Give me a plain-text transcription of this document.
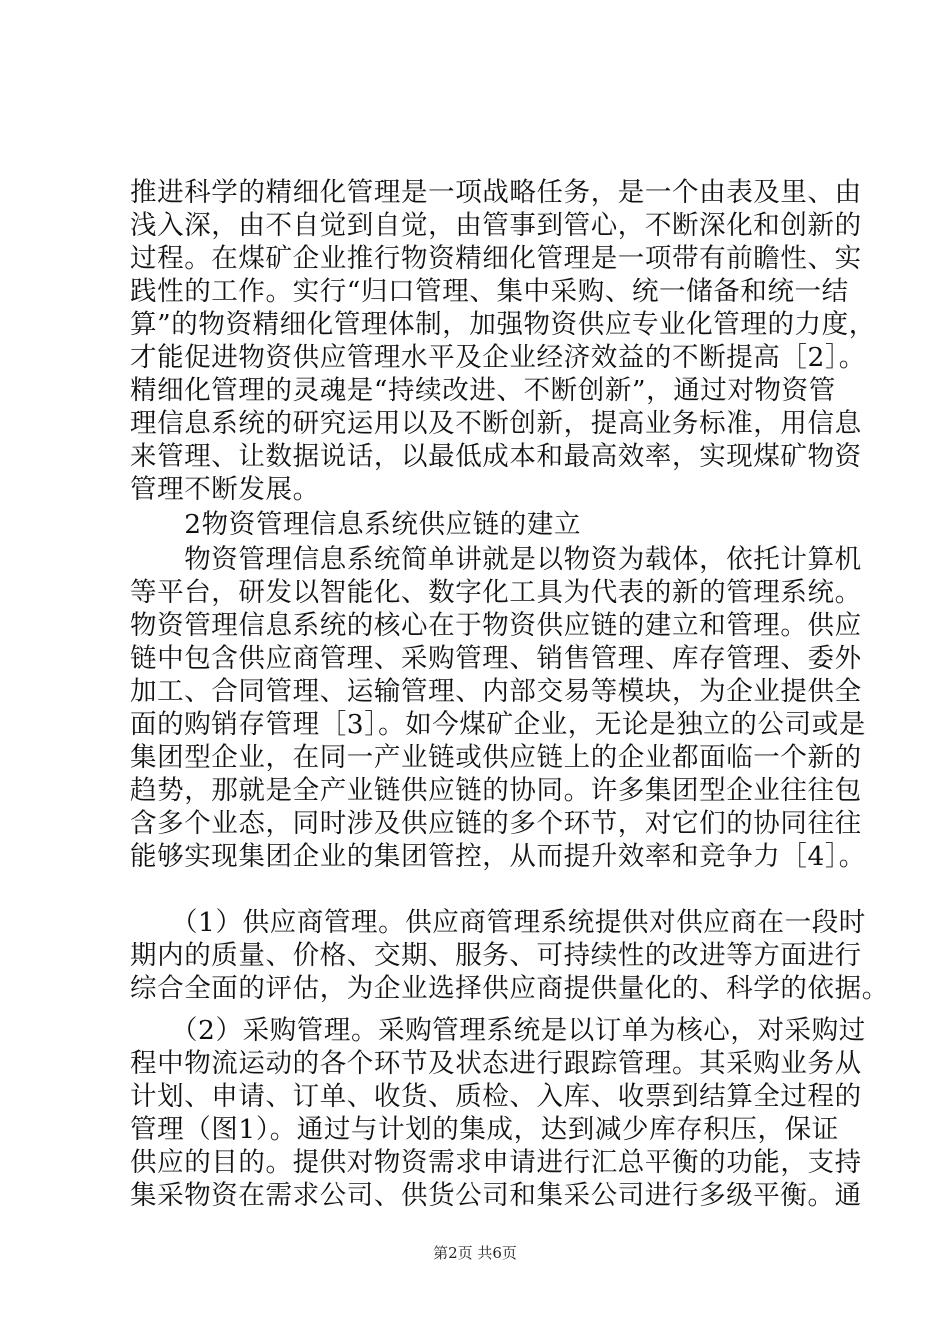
推进科学的精细化管理是一项战略任务，是一个由表及里、由
浅入深，由不自觉到自觉，由管事到管心，不断深化和创新的
过程。在煤矿企业推行物资精细化管理是一项带有前瞻性、实
践性的工作。实行“归口管理、集中采购、统一储备和统一结
算”的物资精细化管理体制，加强物资供应专业化管理的力度，
才能促进物资供应管理水平及企业经济效益的不断提高［2］。
精细化管理的灵魂是“持续改进、不断创新”，通过对物资管
理信息系统的研究运用以及不断创新，提高业务标准，用信息
来管理、让数据说话，以最低成本和最高效率，实现煤矿物资
管理不断发展。
　　2物资管理信息系统供应链的建立
　　物资管理信息系统简单讲就是以物资为载体，依托计算机
等平台，研发以智能化、数字化工具为代表的新的管理系统。
物资管理信息系统的核心在于物资供应链的建立和管理。供应
链中包含供应商管理、采购管理、销售管理、库存管理、委外
加工、合同管理、运输管理、内部交易等模块，为企业提供全
面的购销存管理［3］。如今煤矿企业，无论是独立的公司或是
集团型企业，在同一产业链或供应链上的企业都面临一个新的
趋势，那就是全产业链供应链的协同。许多集团型企业往往包
含多个业态，同时涉及供应链的多个环节，对它们的协同往往
能够实现集团企业的集团管控，从而提升效率和竞争力［4］。
　　（1）供应商管理。供应商管理系统提供对供应商在一段时
期内的质量、价格、交期、服务、可持续性的改进等方面进行
综合全面的评估，为企业选择供应商提供量化的、科学的依据。
　　（2）采购管理。采购管理系统是以订单为核心，对采购过
程中物流运动的各个环节及状态进行跟踪管理。其采购业务从
计划、申请、订单、收货、质检、入库、收票到结算全过程的
管理（图1）。通过与计划的集成，达到减少库存积压，保证
供应的目的。提供对物资需求申请进行汇总平衡的功能，支持
集采物资在需求公司、供货公司和集采公司进行多级平衡。通
第2页 共6页
